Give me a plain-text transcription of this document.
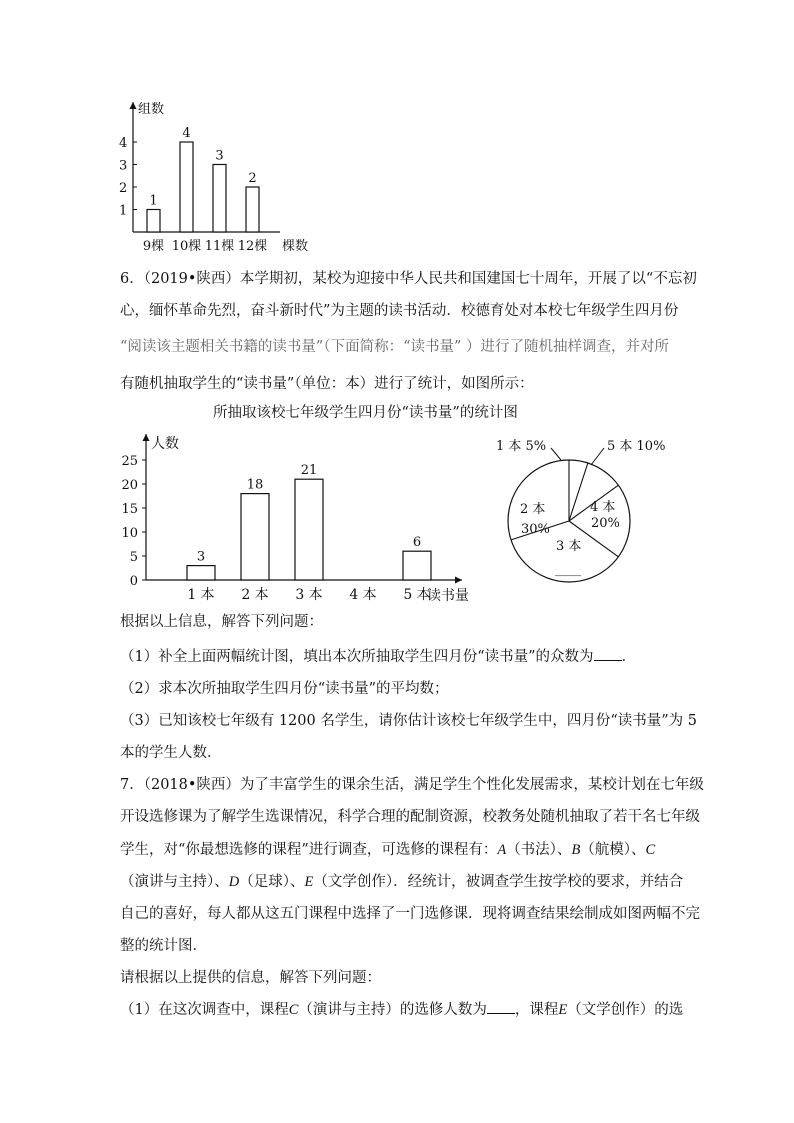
组数
棵数
1
2
3
4
1
9棵
4
10棵
3
11棵
2
12棵
6．（2019•陕西）本学期初，某校为迎接中华人民共和国建国七十周年，开展了以“不忘初
心，缅怀革命先烈，奋斗新时代”为主题的读书活动．校德育处对本校七年级学生四月份
“阅读该主题相关书籍的读书量”（下面简称：“读书量” ）进行了随机抽样调查，并对所
有随机抽取学生的“读书量”（单位：本）进行了统计，如图所示：
所抽取该校七年级学生四月份“读书量”的统计图
人数
读书量
0
5
10
15
20
25
3
1 本
18
2 本
21
3 本 4 本
6
5 本
1 本 5%	5 本 10%
4 本
20%
3 本
____
2 本
30%
根据以上信息，解答下列问题：
（1）补全上面两幅统计图，填出本次所抽取学生四月份“读书量”的众数为 ．
（2）求本次所抽取学生四月份“读书量”的平均数；
（3）已知该校七年级有 1200 名学生，请你估计该校七年级学生中，四月份“读书量”为 5
本的学生人数．
7．（2018•陕西）为了丰富学生的课余生活，满足学生个性化发展需求，某校计划在七年级
开设选修课为了解学生选课情况，科学合理的配制资源，校教务处随机抽取了若干名七年级
学生，对“你最想选修的课程”进行调查，可选修的课程有：A（书法）、B（航模）、C
（演讲与主持）、D（足球）、E（文学创作）．经统计，被调查学生按学校的要求，并结合
自己的喜好，每人都从这五门课程中选择了一门选修课．现将调查结果绘制成如图两幅不完
整的统计图．
请根据以上提供的信息，解答下列问题：
（1）在这次调查中，课程C（演讲与主持）的选修人数为 ，课程E（文学创作）的选
